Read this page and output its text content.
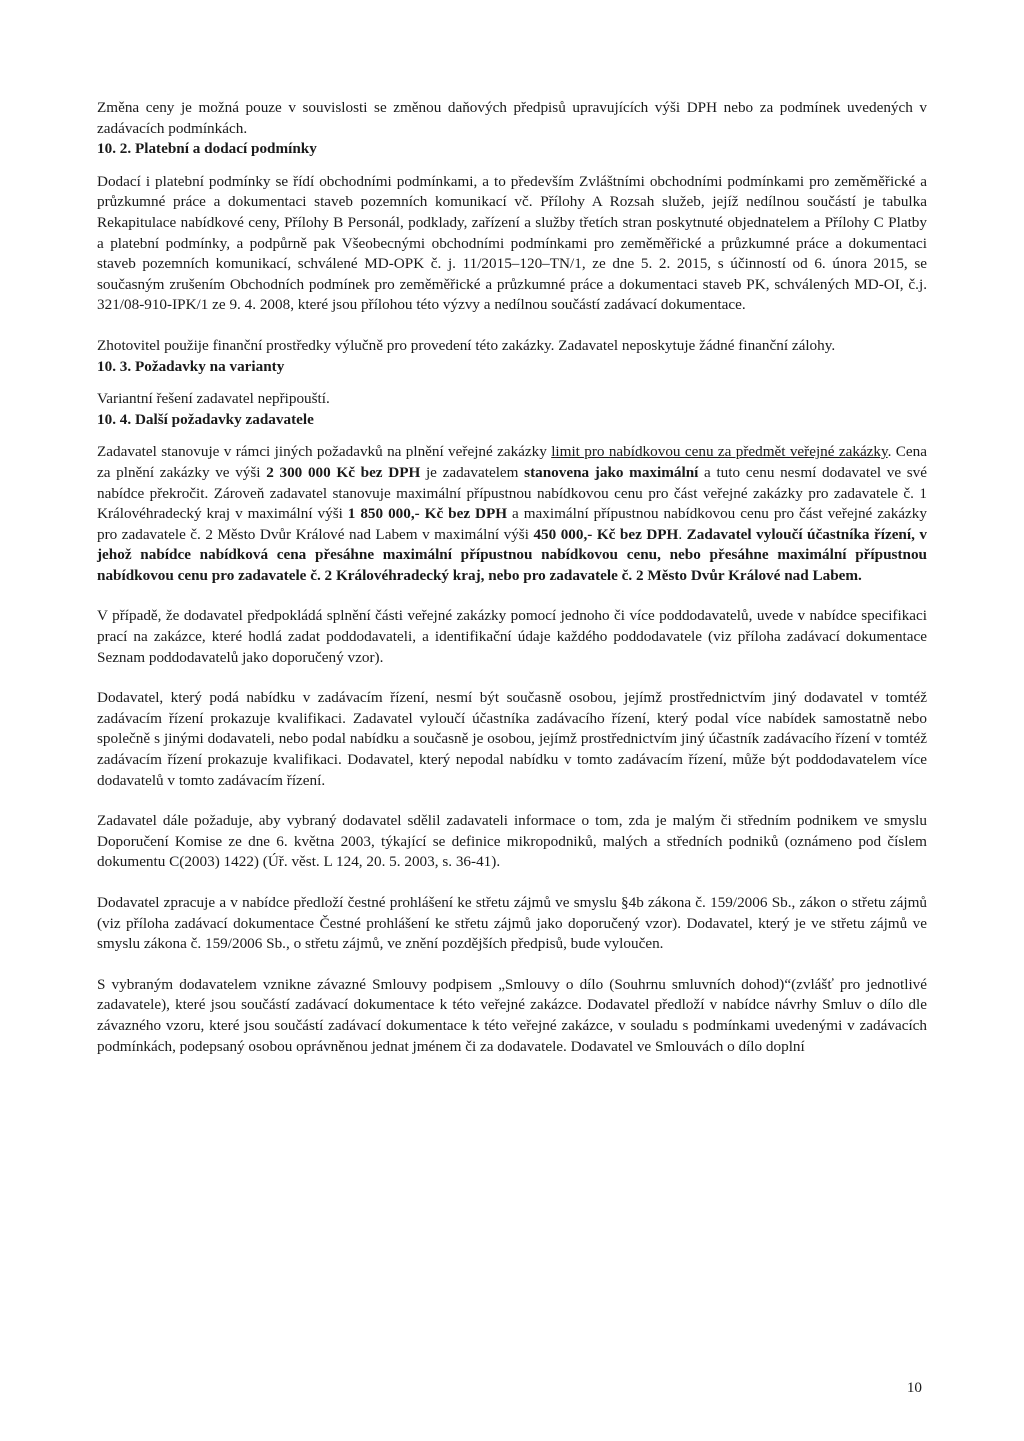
Změna ceny je možná pouze v souvislosti se změnou daňových předpisů upravujících výši DPH nebo za podmínek uvedených v zadávacích podmínkách.

10. 2. Platební a dodací podmínky

Dodací i platební podmínky se řídí obchodními podmínkami, a to především Zvláštními obchodními podmínkami pro zeměměřické a průzkumné práce a dokumentaci staveb pozemních komunikací vč. Přílohy A Rozsah služeb, jejíž nedílnou součástí je tabulka Rekapitulace nabídkové ceny, Přílohy B Personál, podklady, zařízení a služby třetích stran poskytnuté objednatelem a Přílohy C Platby a platební podmínky, a podpůrně pak Všeobecnými obchodními podmínkami pro zeměměřické a průzkumné práce a dokumentaci staveb pozemních komunikací, schválené MD-OPK č. j. 11/2015–120–TN/1, ze dne 5. 2. 2015, s účinností od 6. února 2015, se současným zrušením Obchodních podmínek pro zeměměřické a průzkumné práce a dokumentaci staveb PK, schválených MD-OI, č.j. 321/08-910-IPK/1 ze 9. 4. 2008, které jsou přílohou této výzvy a nedílnou součástí zadávací dokumentace.

Zhotovitel použije finanční prostředky výlučně pro provedení této zakázky. Zadavatel neposkytuje žádné finanční zálohy.

10. 3. Požadavky na varianty

Variantní řešení zadavatel nepřipouští.

10. 4. Další požadavky zadavatele

Zadavatel stanovuje v rámci jiných požadavků na plnění veřejné zakázky limit pro nabídkovou cenu za předmět veřejné zakázky. Cena za plnění zakázky ve výši 2 300 000 Kč bez DPH je zadavatelem stanovena jako maximální a tuto cenu nesmí dodavatel ve své nabídce překročit. Zároveň zadavatel stanovuje maximální přípustnou nabídkovou cenu pro část veřejné zakázky pro zadavatele č. 1 Královéhradecký kraj v maximální výši 1 850 000,- Kč bez DPH a maximální přípustnou nabídkovou cenu pro část veřejné zakázky pro zadavatele č. 2 Město Dvůr Králové nad Labem v maximální výši 450 000,- Kč bez DPH. Zadavatel vyloučí účastníka řízení, v jehož nabídce nabídková cena přesáhne maximální přípustnou nabídkovou cenu, nebo přesáhne maximální přípustnou nabídkovou cenu pro zadavatele č. 2 Královéhradecký kraj, nebo pro zadavatele č. 2 Město Dvůr Králové nad Labem.

V případě, že dodavatel předpokládá splnění části veřejné zakázky pomocí jednoho či více poddodavatelů, uvede v nabídce specifikaci prací na zakázce, které hodlá zadat poddodavateli, a identifikační údaje každého poddodavatele (viz příloha zadávací dokumentace Seznam poddodavatelů jako doporučený vzor).

Dodavatel, který podá nabídku v zadávacím řízení, nesmí být současně osobou, jejímž prostřednictvím jiný dodavatel v tomtéž zadávacím řízení prokazuje kvalifikaci. Zadavatel vyloučí účastníka zadávacího řízení, který podal více nabídek samostatně nebo společně s jinými dodavateli, nebo podal nabídku a současně je osobou, jejímž prostřednictvím jiný účastník zadávacího řízení v tomtéž zadávacím řízení prokazuje kvalifikaci. Dodavatel, který nepodal nabídku v tomto zadávacím řízení, může být poddodavatelem více dodavatelů v tomto zadávacím řízení.

Zadavatel dále požaduje, aby vybraný dodavatel sdělil zadavateli informace o tom, zda je malým či středním podnikem ve smyslu Doporučení Komise ze dne 6. května 2003, týkající se definice mikropodniků, malých a středních podniků (oznámeno pod číslem dokumentu C(2003) 1422) (Úř. věst. L 124, 20. 5. 2003, s. 36-41).

Dodavatel zpracuje a v nabídce předloží čestné prohlášení ke střetu zájmů ve smyslu §4b zákona č. 159/2006 Sb., zákon o střetu zájmů (viz příloha zadávací dokumentace Čestné prohlášení ke střetu zájmů jako doporučený vzor). Dodavatel, který je ve střetu zájmů ve smyslu zákona č. 159/2006 Sb., o střetu zájmů, ve znění pozdějších předpisů, bude vyloučen.

S vybraným dodavatelem vznikne závazné Smlouvy podpisem „Smlouvy o dílo (Souhrnu smluvních dohod)“(zvlášť pro jednotlivé zadavatele), které jsou součástí zadávací dokumentace k této veřejné zakázce. Dodavatel předloží v nabídce návrhy Smluv o dílo dle závazného vzoru, které jsou součástí zadávací dokumentace k této veřejné zakázce, v souladu s podmínkami uvedenými v zadávacích podmínkách, podepsaný osobou oprávněnou jednat jménem či za dodavatele. Dodavatel ve Smlouvách o dílo doplní

10
